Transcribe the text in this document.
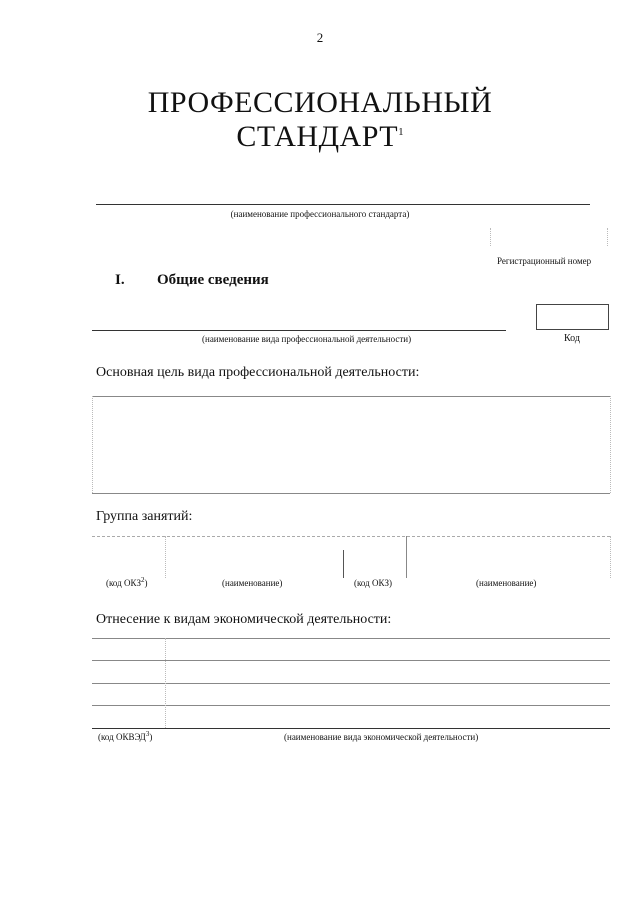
2
ПРОФЕССИОНАЛЬНЫЙ
СТАНДАРТ$^1$
(наименование профессионального стандарта)
Регистрационный номер
I. Общие сведения
(наименование вида профессиональной деятельности)	Код
Основная цель вида профессиональной деятельности:
Группа занятий:
(код ОКЗ$^2$)	(наименование)	(код ОКЗ)	(наименование)
Отнесение к видам экономической деятельности:
(код ОКВЭД$^3$)	(наименование вида экономической деятельности)
